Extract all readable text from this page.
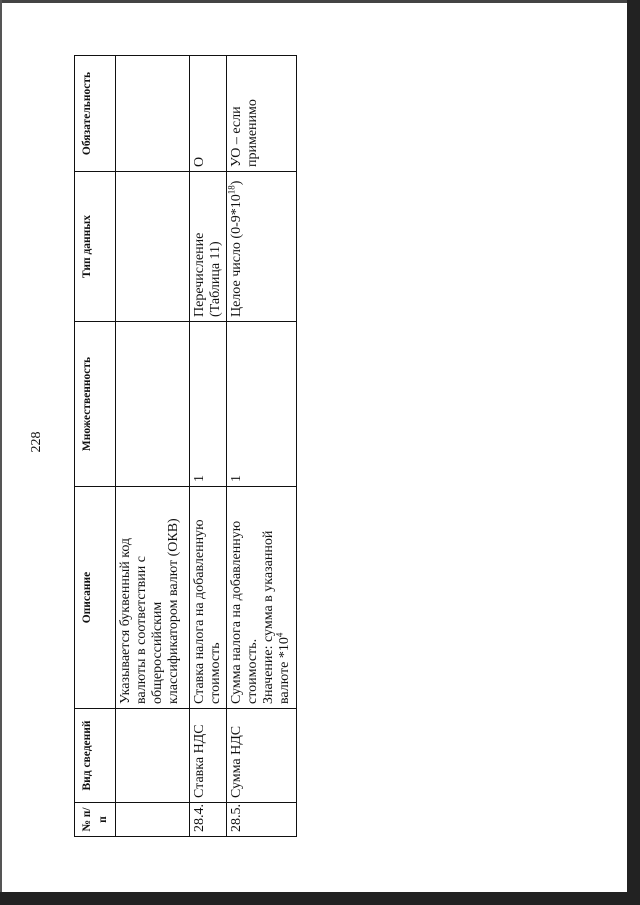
228
№ п/п	Вид сведений	Описание	Множественность	Тип данных	Обязательность

		Указывается буквенный код валюты в соответствии с общероссийским классификатором валют (ОКВ)			

28.4.	Ставка НДС	Ставка налога на добавленную стоимость	1	Перечисление (Таблица 11)	О
28.5.	Сумма НДС	Сумма налога на добавленную стоимость. Значение: сумма в указанной валюте $*10^4$	1	Целое число $(0-9*10^{18})$	УО – если применимо
